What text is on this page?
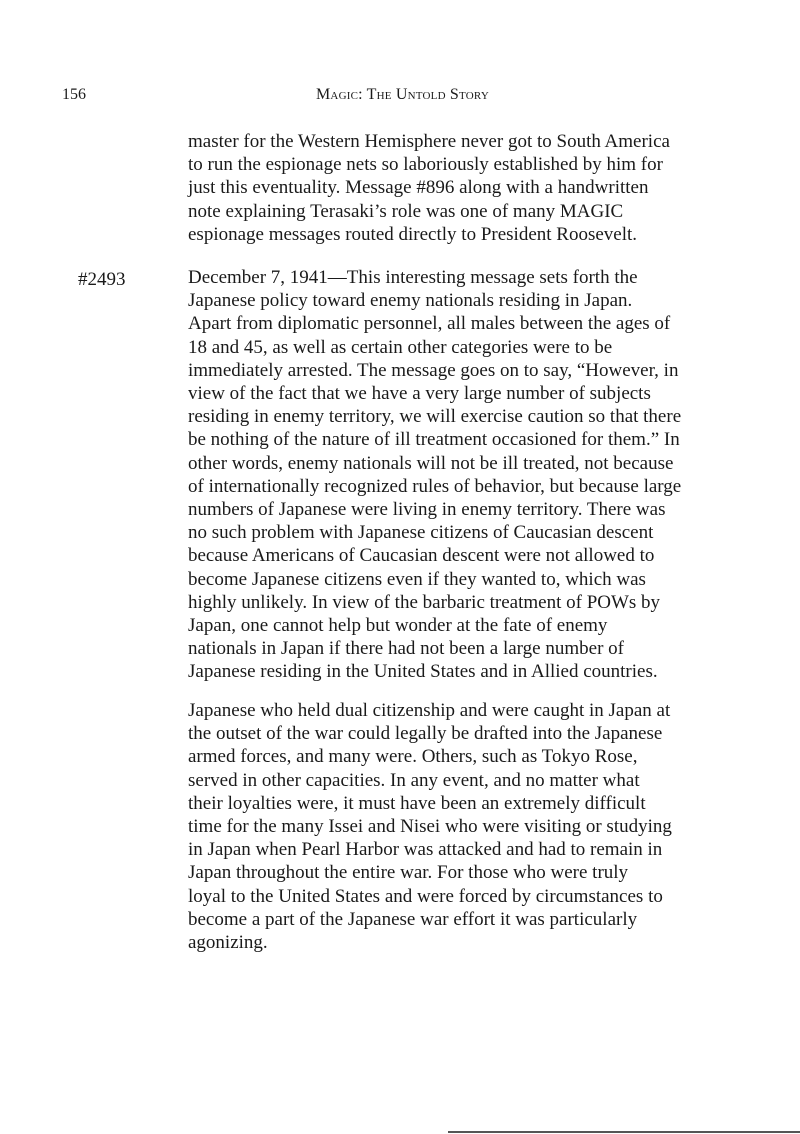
156	Magic: The Untold Story
#2493
master for the Western Hemisphere never got to South America
to run the espionage nets so laboriously established by him for
just this eventuality. Message #896 along with a handwritten
note explaining Terasaki’s role was one of many MAGIC
espionage messages routed directly to President Roosevelt.
December 7, 1941—This interesting message sets forth the
Japanese policy toward enemy nationals residing in Japan.
Apart from diplomatic personnel, all males between the ages of
18 and 45, as well as certain other categories were to be
immediately arrested. The message goes on to say, “However, in
view of the fact that we have a very large number of subjects
residing in enemy territory, we will exercise caution so that there
be nothing of the nature of ill treatment occasioned for them.” In
other words, enemy nationals will not be ill treated, not because
of internationally recognized rules of behavior, but because large
numbers of Japanese were living in enemy territory. There was
no such problem with Japanese citizens of Caucasian descent
because Americans of Caucasian descent were not allowed to
become Japanese citizens even if they wanted to, which was
highly unlikely. In view of the barbaric treatment of POWs by
Japan, one cannot help but wonder at the fate of enemy
nationals in Japan if there had not been a large number of
Japanese residing in the United States and in Allied countries.
Japanese who held dual citizenship and were caught in Japan at
the outset of the war could legally be drafted into the Japanese
armed forces, and many were. Others, such as Tokyo Rose,
served in other capacities. In any event, and no matter what
their loyalties were, it must have been an extremely difficult
time for the many Issei and Nisei who were visiting or studying
in Japan when Pearl Harbor was attacked and had to remain in
Japan throughout the entire war. For those who were truly
loyal to the United States and were forced by circumstances to
become a part of the Japanese war effort it was particularly
agonizing.
